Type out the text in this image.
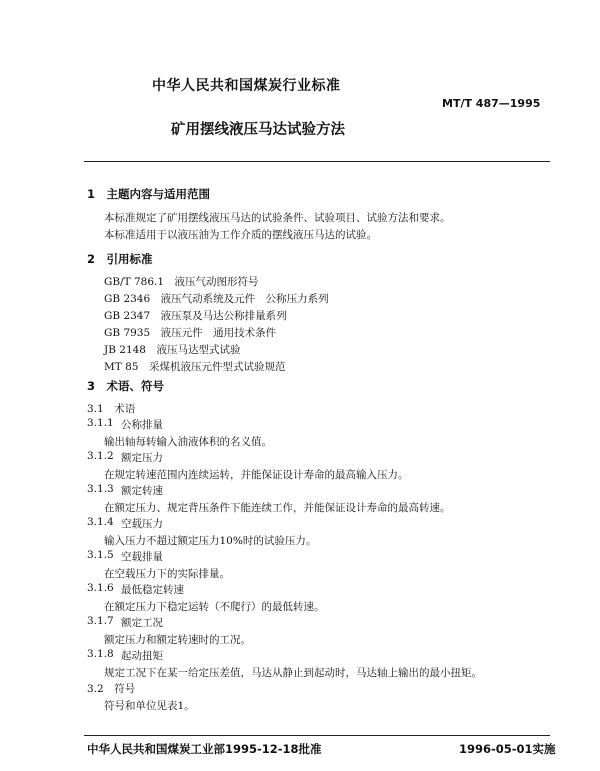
中华人民共和国煤炭行业标准
MT/T 487—1995
矿用摆线液压马达试验方法
1　主题内容与适用范围
本标准规定了矿用摆线液压马达的试验条件、试验项目、试验方法和要求。
本标准适用于以液压油为工作介质的摆线液压马达的试验。
2　引用标准
GB/T 786.1　液压气动图形符号
GB 2346　液压气动系统及元件　公称压力系列
GB 2347　液压泵及马达公称排量系列
GB 7935　液压元件　通用技术条件
JB 2148　液压马达型式试验
MT 85　采煤机液压元件型式试验规范
3　术语、符号
3.1　术语
3.1.1 公称排量
输出轴每转输入油液体积的名义值。
3.1.2 额定压力
在规定转速范围内连续运转，并能保证设计寿命的最高输入压力。
3.1.3 额定转速
在额定压力、规定背压条件下能连续工作，并能保证设计寿命的最高转速。
3.1.4 空载压力
输入压力不超过额定压力10%时的试验压力。
3.1.5 空载排量
在空载压力下的实际排量。
3.1.6 最低稳定转速
在额定压力下稳定运转（不爬行）的最低转速。
3.1.7 额定工况
额定压力和额定转速时的工况。
3.1.8 起动扭矩
规定工况下在某一给定压差值，马达从静止到起动时，马达轴上输出的最小扭矩。
3.2　符号
符号和单位见表1。
中华人民共和国煤炭工业部1995-12-18批准	1996-05-01实施
